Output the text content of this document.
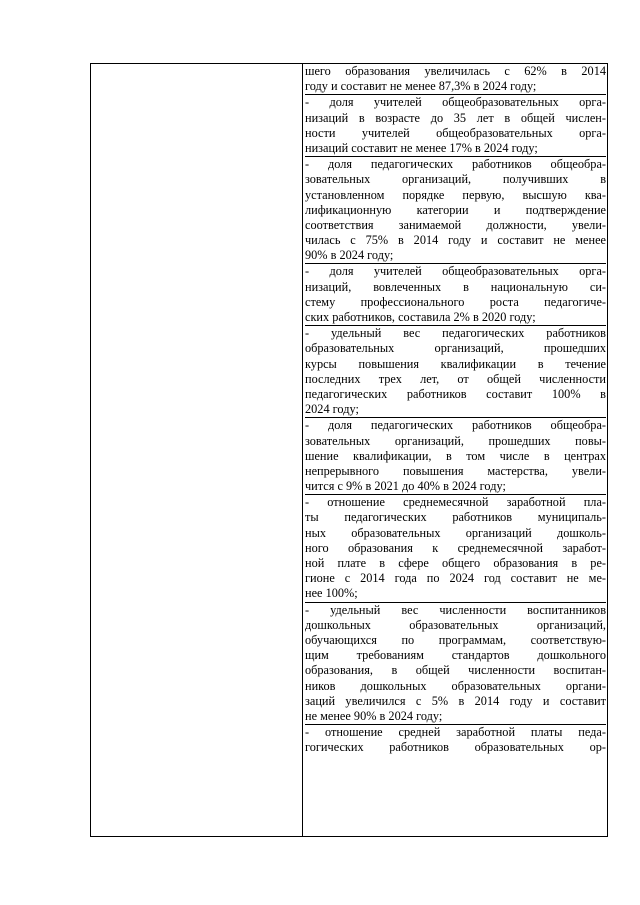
шего образования увеличилась с 62% в 2014
году и составит не менее 87,3% в 2024 году;
- доля учителей общеобразовательных орга-
низаций в возрасте до 35 лет в общей числен-
ности учителей общеобразовательных орга-
низаций составит не менее 17% в 2024 году;
- доля педагогических работников общеобра-
зовательных организаций, получивших в
установленном порядке первую, высшую ква-
лификационную категории и подтверждение
соответствия занимаемой должности, увели-
чилась с 75% в 2014 году и составит не менее
90% в 2024 году;
- доля учителей общеобразовательных орга-
низаций, вовлеченных в национальную си-
стему профессионального роста педагогиче-
ских работников, составила 2% в 2020 году;
- удельный вес педагогических работников
образовательных организаций, прошедших
курсы повышения квалификации в течение
последних трех лет, от общей численности
педагогических работников составит 100% в
2024 году;
- доля педагогических работников общеобра-
зовательных организаций, прошедших повы-
шение квалификации, в том числе в центрах
непрерывного повышения мастерства, увели-
чится с 9% в 2021 до 40% в 2024 году;
- отношение среднемесячной заработной пла-
ты педагогических работников муниципаль-
ных образовательных организаций дошколь-
ного образования к среднемесячной заработ-
ной плате в сфере общего образования в ре-
гионе с 2014 года по 2024 год составит не ме-
нее 100%;
- удельный вес численности воспитанников
дошкольных образовательных организаций,
обучающихся по программам, соответствую-
щим требованиям стандартов дошкольного
образования, в общей численности воспитан-
ников дошкольных образовательных органи-
заций увеличился с 5% в 2014 году и составит
не менее 90% в 2024 году;
- отношение средней заработной платы педа-
гогических работников образовательных ор-
